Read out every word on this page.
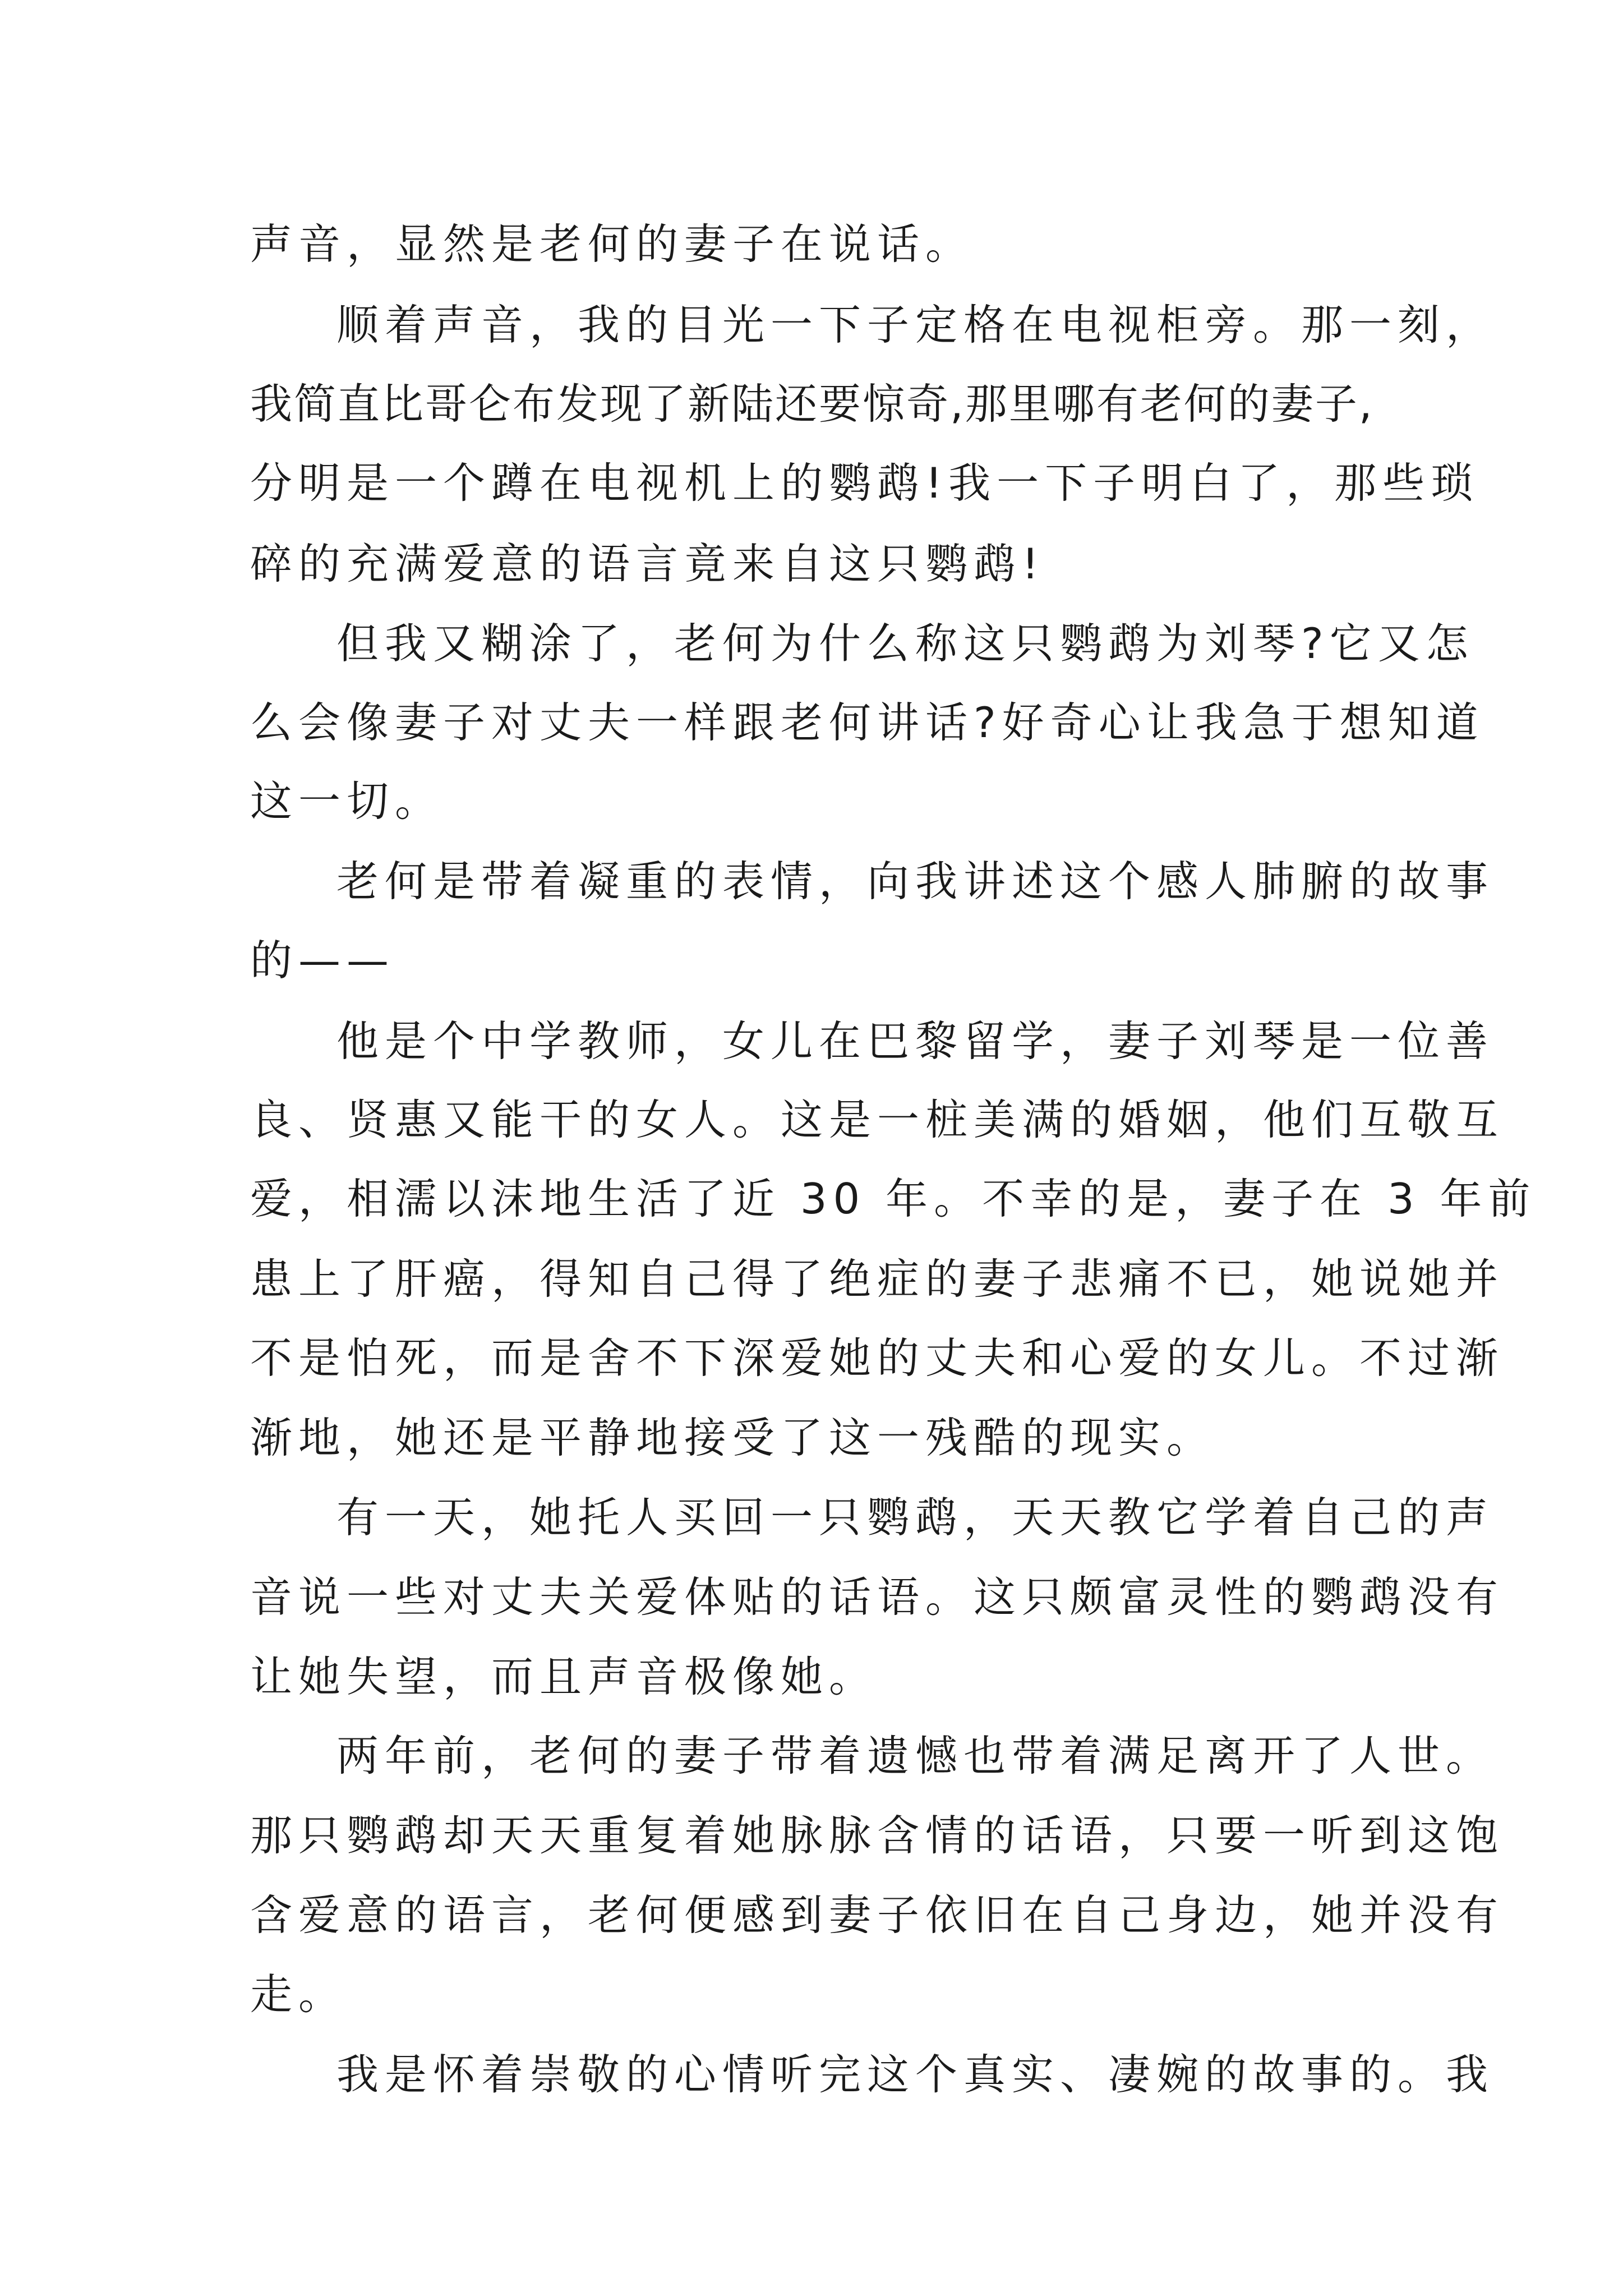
声音，显然是老何的妻子在说话。
顺着声音，我的目光一下子定格在电视柜旁。那一刻，
我简直比哥仑布发现了新陆还要惊奇,那里哪有老何的妻子,
分明是一个蹲在电视机上的鹦鹉!我一下子明白了，那些琐
碎的充满爱意的语言竟来自这只鹦鹉!
但我又糊涂了，老何为什么称这只鹦鹉为刘琴?它又怎
么会像妻子对丈夫一样跟老何讲话?好奇心让我急于想知道
这一切。
老何是带着凝重的表情，向我讲述这个感人肺腑的故事
的——
他是个中学教师，女儿在巴黎留学，妻子刘琴是一位善
良、贤惠又能干的女人。这是一桩美满的婚姻，他们互敬互
爱，相濡以沫地生活了近 30 年。不幸的是，妻子在 3 年前
患上了肝癌，得知自己得了绝症的妻子悲痛不已，她说她并
不是怕死，而是舍不下深爱她的丈夫和心爱的女儿。不过渐
渐地，她还是平静地接受了这一残酷的现实。
有一天，她托人买回一只鹦鹉，天天教它学着自己的声
音说一些对丈夫关爱体贴的话语。这只颇富灵性的鹦鹉没有
让她失望，而且声音极像她。
两年前，老何的妻子带着遗憾也带着满足离开了人世。
那只鹦鹉却天天重复着她脉脉含情的话语，只要一听到这饱
含爱意的语言，老何便感到妻子依旧在自己身边，她并没有
走。
我是怀着崇敬的心情听完这个真实、凄婉的故事的。我
